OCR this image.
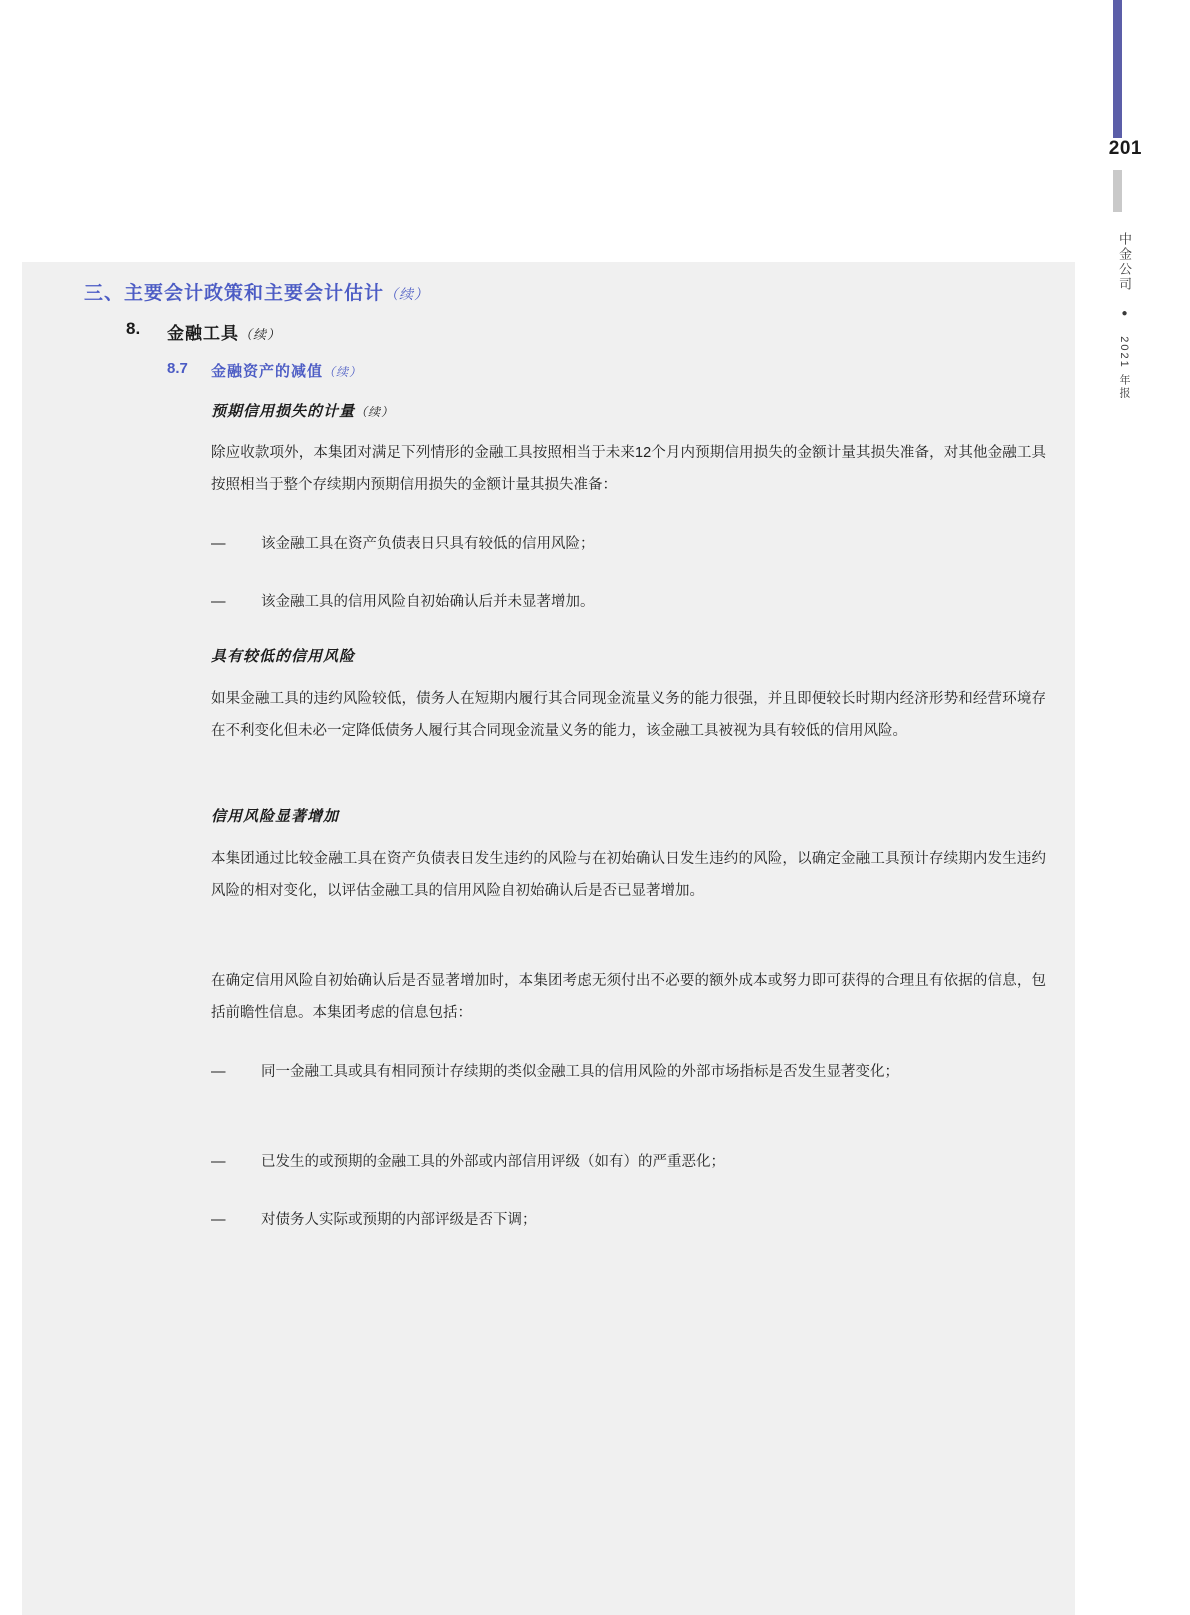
201
中金公司 ● 2021 年报
三、主要会计政策和主要会计估计（续）
8. 金融工具（续）
8.7 金融资产的减值（续）
预期信用损失的计量（续）
除应收款项外，本集团对满足下列情形的金融工具按照相当于未来12个月内预期信用损失的金额计量其损失准备，对其他金融工具按照相当于整个存续期内预期信用损失的金额计量其损失准备：
—	该金融工具在资产负债表日只具有较低的信用风险；
—	该金融工具的信用风险自初始确认后并未显著增加。
具有较低的信用风险
如果金融工具的违约风险较低，债务人在短期内履行其合同现金流量义务的能力很强，并且即便较长时期内经济形势和经营环境存在不利变化但未必一定降低债务人履行其合同现金流量义务的能力，该金融工具被视为具有较低的信用风险。
信用风险显著增加
本集团通过比较金融工具在资产负债表日发生违约的风险与在初始确认日发生违约的风险，以确定金融工具预计存续期内发生违约风险的相对变化，以评估金融工具的信用风险自初始确认后是否已显著增加。
在确定信用风险自初始确认后是否显著增加时，本集团考虑无须付出不必要的额外成本或努力即可获得的合理且有依据的信息，包括前瞻性信息。本集团考虑的信息包括：
—	同一金融工具或具有相同预计存续期的类似金融工具的信用风险的外部市场指标是否发生显著变化；
—	已发生的或预期的金融工具的外部或内部信用评级（如有）的严重恶化；
—	对债务人实际或预期的内部评级是否下调；
